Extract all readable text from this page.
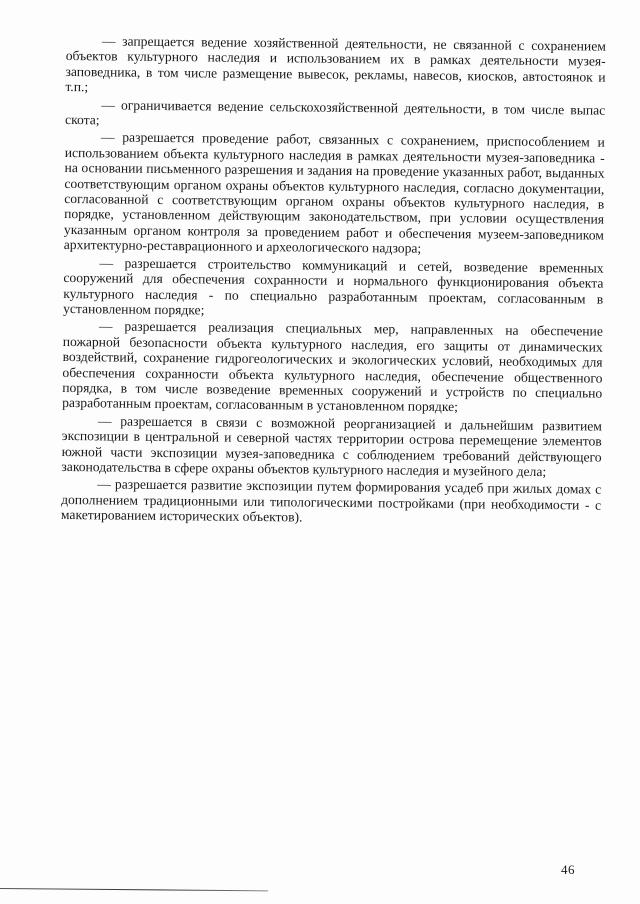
— запрещается ведение хозяйственной деятельности, не связанной с сохранением объектов культурного наследия и использованием их в рамках деятельности музея-заповедника, в том числе размещение вывесок, рекламы, навесов, киосков, автостоянок и т.п.;

— ограничивается ведение сельскохозяйственной деятельности, в том числе выпас скота;

— разрешается проведение работ, связанных с сохранением, приспособлением и использованием объекта культурного наследия в рамках деятельности музея-заповедника - на основании письменного разрешения и задания на проведение указанных работ, выданных соответствующим органом охраны объектов культурного наследия, согласно документации, согласованной с соответствующим органом охраны объектов культурного наследия, в порядке, установленном действующим законодательством, при условии осуществления указанным органом контроля за проведением работ и обеспечения музеем-заповедником архитектурно-реставрационного и археологического надзора;

— разрешается строительство коммуникаций и сетей, возведение временных сооружений для обеспечения сохранности и нормального функционирования объекта культурного наследия - по специально разработанным проектам, согласованным в установленном порядке;

— разрешается реализация специальных мер, направленных на обеспечение пожарной безопасности объекта культурного наследия, его защиты от динамических воздействий, сохранение гидрогеологических и экологических условий, необходимых для обеспечения сохранности объекта культурного наследия, обеспечение общественного порядка, в том числе возведение временных сооружений и устройств по специально разработанным проектам, согласованным в установленном порядке;

— разрешается в связи с возможной реорганизацией и дальнейшим развитием экспозиции в центральной и северной частях территории острова перемещение элементов южной части экспозиции музея-заповедника с соблюдением требований действующего законодательства в сфере охраны объектов культурного наследия и музейного дела;

— разрешается развитие экспозиции путем формирования усадеб при жилых домах с дополнением традиционными или типологическими постройками (при необходимости - с макетированием исторических объектов).

46
